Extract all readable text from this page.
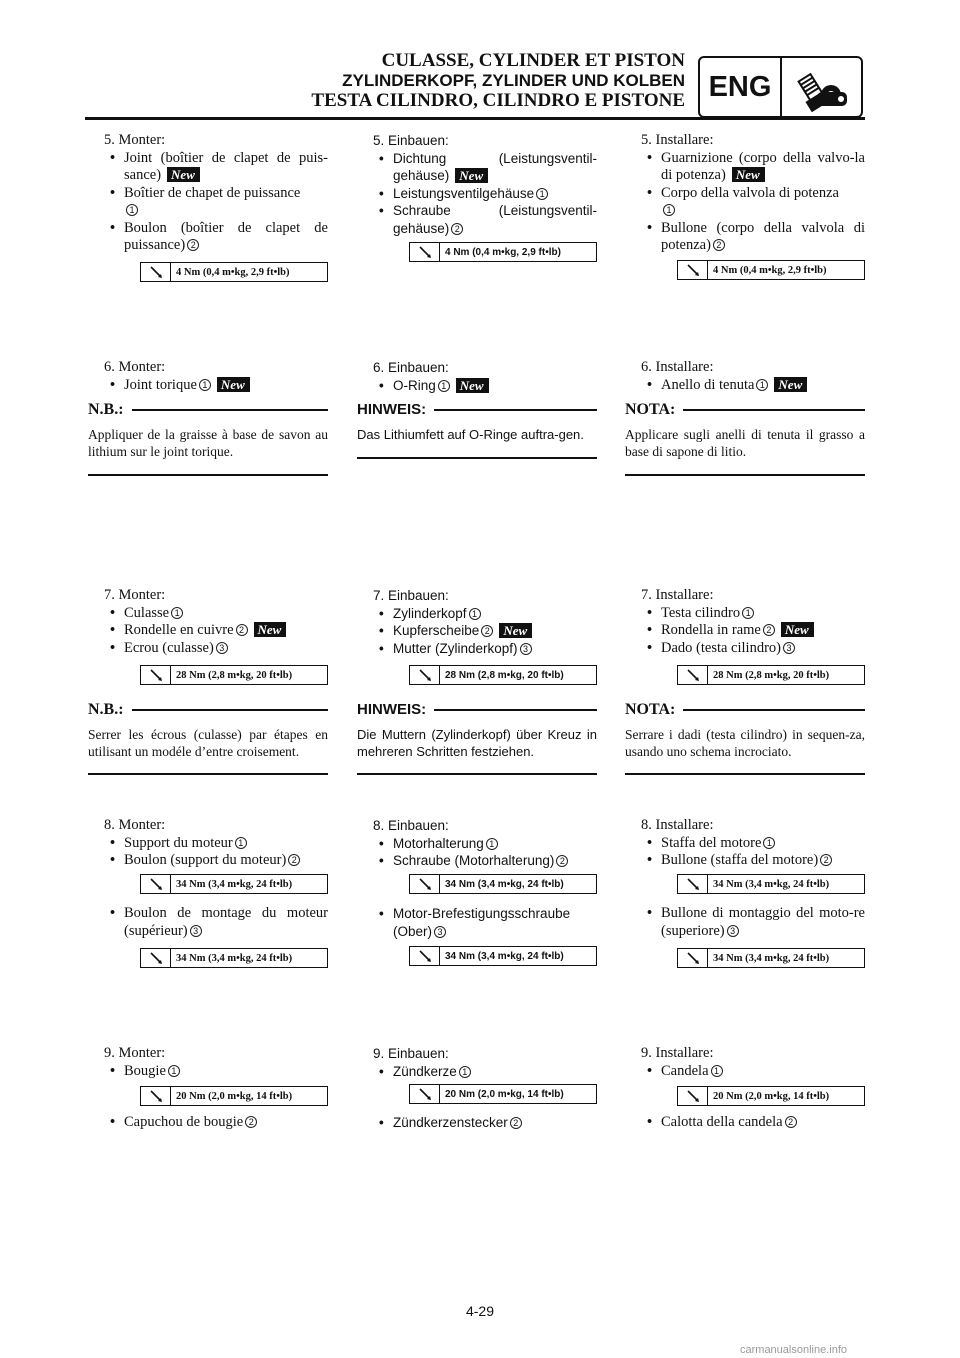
CULASSE, CYLINDER ET PISTON
ZYLINDERKOPF, ZYLINDER UND KOLBEN
TESTA CILINDRO, CILINDRO E PISTONE ENG
5. Monter:
• Joint (boîtier de clapet de puis-sance) New
• Boîtier de chapet de puissance
1
• Boulon (boîtier de clapet de puissance) 2
4 Nm (0,4 m•kg, 2,9 ft•lb)
6. Monter:
• Joint torique 1 New
N.B.:
Appliquer de la graisse à base de savon au lithium sur le joint torique.
7. Monter:
• Culasse 1
• Rondelle en cuivre 2 New
• Ecrou (culasse) 3
28 Nm (2,8 m•kg, 20 ft•lb)
N.B.:
Serrer les écrous (culasse) par étapes en utilisant un modéle d’entre croisement.
8. Monter:
• Support du moteur 1
• Boulon (support du moteur) 2
34 Nm (3,4 m•kg, 24 ft•lb)
• Boulon de montage du moteur (supérieur) 3
34 Nm (3,4 m•kg, 24 ft•lb)
9. Monter:
• Bougie 1
20 Nm (2,0 m•kg, 14 ft•lb)
• Capuchou de bougie 2
5. Einbauen:
• Dichtung (Leistungsventil-gehäuse) New
• Leistungsventilgehäuse 1
• Schraube (Leistungsventil-gehäuse) 2
4 Nm (0,4 m•kg, 2,9 ft•lb)
6. Einbauen:
• O-Ring 1 New
HINWEIS:
Das Lithiumfett auf O-Ringe auftra-gen.
7. Einbauen:
• Zylinderkopf 1
• Kupferscheibe 2 New
• Mutter (Zylinderkopf) 3
28 Nm (2,8 m•kg, 20 ft•lb)
HINWEIS:
Die Muttern (Zylinderkopf) über Kreuz in mehreren Schritten festziehen.
8. Einbauen:
• Motorhalterung 1
• Schraube (Motorhalterung) 2
34 Nm (3,4 m•kg, 24 ft•lb)
• Motor-Brefestigungsschraube (Ober) 3
34 Nm (3,4 m•kg, 24 ft•lb)
9. Einbauen:
• Zündkerze 1
20 Nm (2,0 m•kg, 14 ft•lb)
• Zündkerzenstecker 2
5. Installare:
• Guarnizione (corpo della valvo-la di potenza) New
• Corpo della valvola di potenza
1
• Bullone (corpo della valvola di potenza) 2
4 Nm (0,4 m•kg, 2,9 ft•lb)
6. Installare:
• Anello di tenuta 1 New
NOTA:
Applicare sugli anelli di tenuta il grasso a base di sapone di litio.
7. Installare:
• Testa cilindro 1
• Rondella in rame 2 New
• Dado (testa cilindro) 3
28 Nm (2,8 m•kg, 20 ft•lb)
NOTA:
Serrare i dadi (testa cilindro) in sequen-za, usando uno schema incrociato.
8. Installare:
• Staffa del motore 1
• Bullone (staffa del motore) 2
34 Nm (3,4 m•kg, 24 ft•lb)
• Bullone di montaggio del moto-re (superiore) 3
34 Nm (3,4 m•kg, 24 ft•lb)
9. Installare:
• Candela 1
20 Nm (2,0 m•kg, 14 ft•lb)
• Calotta della candela 2
4-29
carmanualsonline.info
